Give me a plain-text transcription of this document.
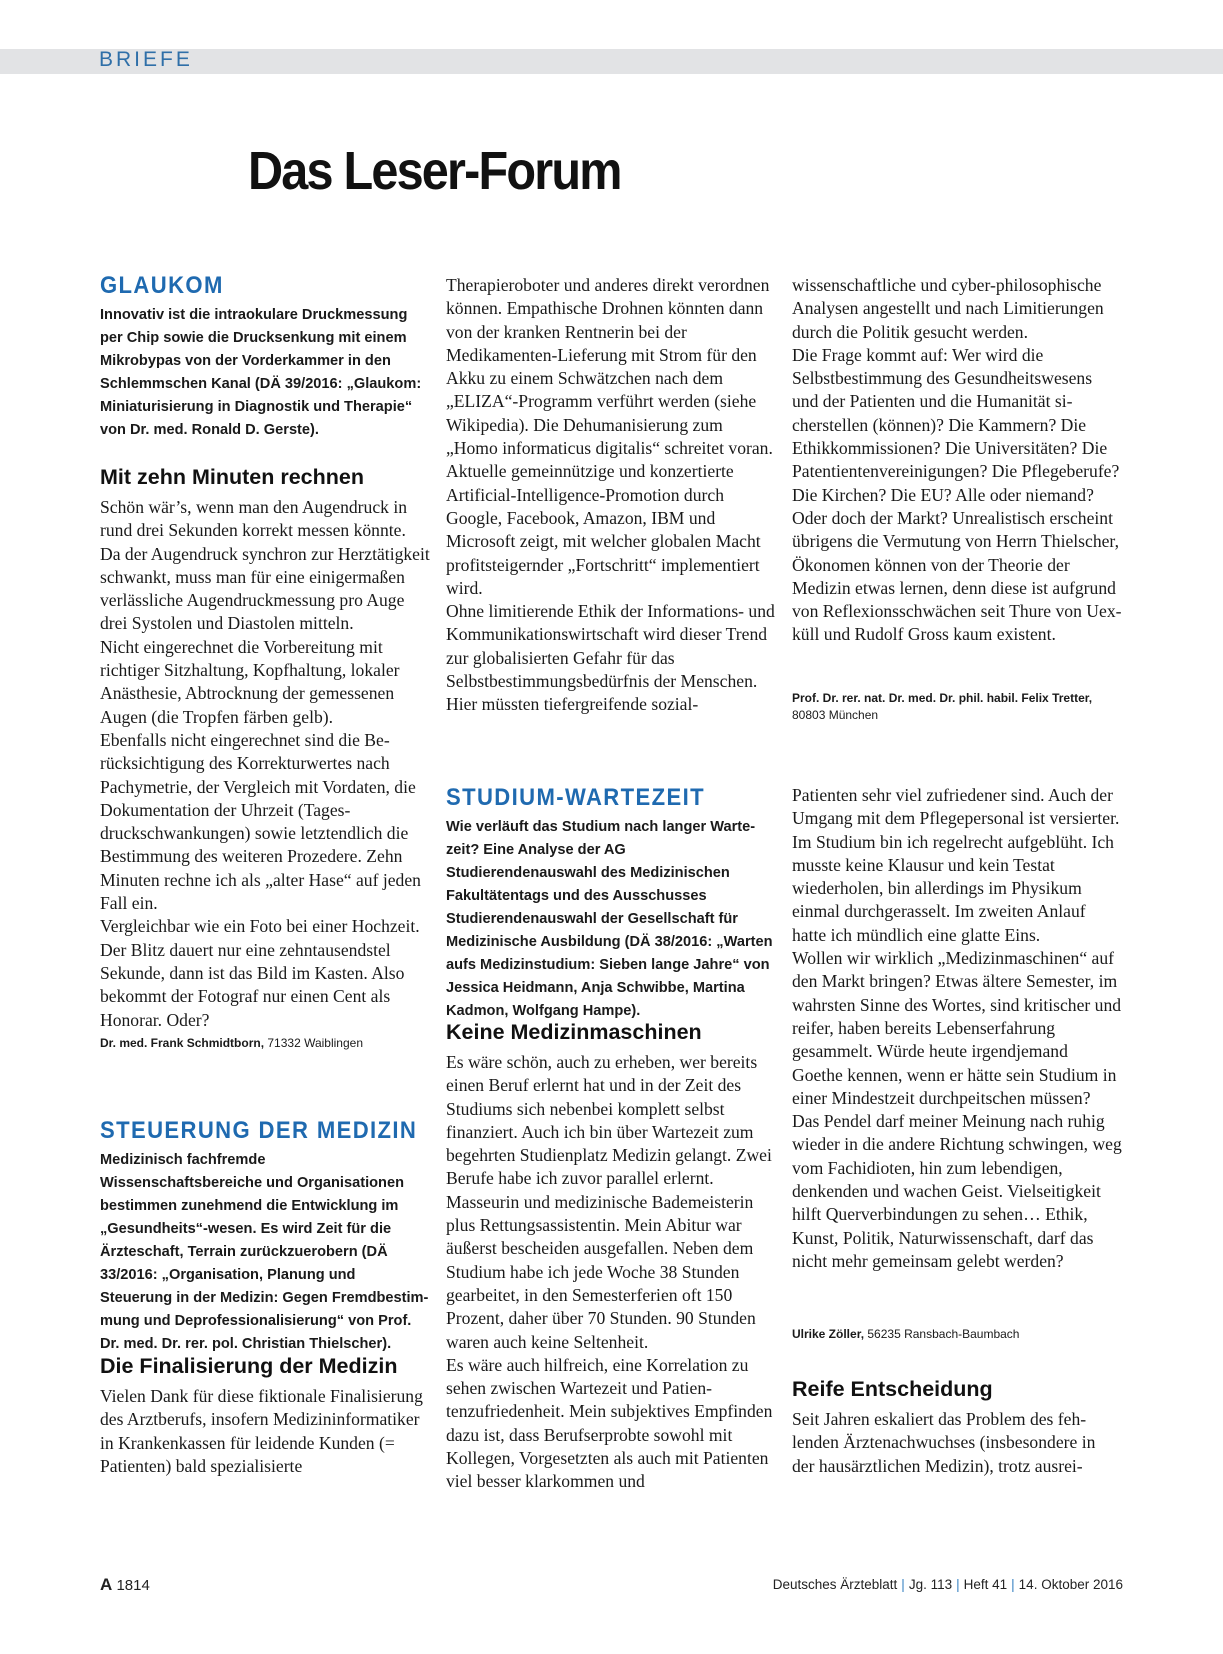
BRIEFE
Das Leser-Forum
GLAUKOM

Innovativ ist die intraokulare Druckmessung per Chip sowie die Drucksenkung mit einem Mikrobypas von der Vorderkammer in den Schlemmschen Kanal (DÄ 39/2016: „Glaukom: Miniaturisierung in Diagnostik und Therapie“ von Dr. med. Ronald D. Gerste).

Mit zehn Minuten rechnen

Schön wär’s, wenn man den Augendruck in rund drei Sekunden korrekt messen könnte. Da der Augendruck synchron zur Herztätigkeit schwankt, muss man für eine einigermaßen verlässliche Augendruckmessung pro Auge drei Systolen und Diastolen mitteln.
Nicht eingerechnet die Vorbereitung mit richtiger Sitzhaltung, Kopfhaltung, lokaler Anästhesie, Abtrocknung der gemessenen Augen (die Tropfen färben gelb).
Ebenfalls nicht eingerechnet sind die Berücksichtigung des Korrekturwertes nach Pachymetrie, der Vergleich mit Vordaten, die Dokumentation der Uhrzeit (Tagesdruckschwankungen) sowie letztendlich die Bestimmung des weiteren Prozedere. Zehn Minuten rechne ich als „alter Hase“ auf jeden Fall ein.
Vergleichbar wie ein Foto bei einer Hochzeit. Der Blitz dauert nur eine zehntausendstel Sekunde, dann ist das Bild im Kasten. Also bekommt der Fotograf nur einen Cent als Honorar. Oder?

Dr. med. Frank Schmidtborn, 71332 Waiblingen

STEUERUNG DER MEDIZIN

Medizinisch fachfremde Wissenschaftsbereiche und Organisationen bestimmen zunehmend die Entwicklung im „Gesundheits“-wesen. Es wird Zeit für die Ärzteschaft, Terrain zurückzuerobern (DÄ 33/2016: „Organisation, Planung und Steuerung in der Medizin: Gegen Fremdbestimmung und Deprofessionalisierung“ von Prof. Dr. med. Dr. rer. pol. Christian Thielscher).

Die Finalisierung der Medizin

Vielen Dank für diese fiktionale Finalisierung des Arztberufs, insofern Medizininformatiker in Krankenkassen für leidende Kunden (= Patienten) bald spezialisierte

Therapieroboter und anderes direkt verordnen können. Empathische Drohnen könnten dann von der kranken Rentnerin bei der Medikamenten-Lieferung mit Strom für den Akku zu einem Schwätzchen nach dem „ELIZA“-Programm verführt werden (siehe Wikipedia). Die Dehumanisierung zum „Homo informaticus digitalis“ schreitet voran. Aktuelle gemeinnützige und konzertierte Artificial-Intelligence-Promotion durch Google, Facebook, Amazon, IBM und Microsoft zeigt, mit welcher globalen Macht profitsteigernder „Fortschritt“ implementiert wird.
Ohne limitierende Ethik der Informations- und Kommunikationswirtschaft wird dieser Trend zur globalisierten Gefahr für das Selbstbestimmungsbedürfnis der Menschen. Hier müssten tiefergreifende sozial-

wissenschaftliche und cyber-philosophische Analysen angestellt und nach Limitierungen durch die Politik gesucht werden.
Die Frage kommt auf: Wer wird die Selbstbestimmung des Gesundheitswesens und der Patienten und die Humanität sicherstellen (können)? Die Kammern? Die Ethikkommissionen? Die Universitäten? Die Patentientenvereinigungen? Die Pflegeberufe? Die Kirchen? Die EU? Alle oder niemand? Oder doch der Markt? Unrealistisch erscheint übrigens die Vermutung von Herrn Thielscher, Ökonomen können von der Theorie der Medizin etwas lernen, denn diese ist aufgrund von Reflexionsschwächen seit Thure von Uexküll und Rudolf Gross kaum existent.

Prof. Dr. rer. nat. Dr. med. Dr. phil. habil. Felix Tretter,
80803 München

STUDIUM-WARTEZEIT

Wie verläuft das Studium nach langer Wartezeit? Eine Analyse der AG Studierendenauswahl des Medizinischen Fakultätentags und des Ausschusses Studierendenauswahl der Gesellschaft für Medizinische Ausbildung (DÄ 38/2016: „Warten aufs Medizinstudium: Sieben lange Jahre“ von Jessica Heidmann, Anja Schwibbe, Martina Kadmon, Wolfgang Hampe).

Keine Medizinmaschinen

Es wäre schön, auch zu erheben, wer bereits einen Beruf erlernt hat und in der Zeit des Studiums sich nebenbei komplett selbst finanziert. Auch ich bin über Wartezeit zum begehrten Studienplatz Medizin gelangt. Zwei Berufe habe ich zuvor parallel erlernt. Masseurin und medizinische Bademeisterin plus Rettungsassistentin. Mein Abitur war äußerst bescheiden ausgefallen. Neben dem Studium habe ich jede Woche 38 Stunden gearbeitet, in den Semesterferien oft 150 Prozent, daher über 70 Stunden. 90 Stunden waren auch keine Seltenheit.
Es wäre auch hilfreich, eine Korrelation zu sehen zwischen Wartezeit und Patientenzufriedenheit. Mein subjektives Empfinden dazu ist, dass Berufserprobte sowohl mit Kollegen, Vorgesetzten als auch mit Patienten viel besser klarkommen und

Patienten sehr viel zufriedener sind. Auch der Umgang mit dem Pflegepersonal ist versierter.
Im Studium bin ich regelrecht aufgeblüht. Ich musste keine Klausur und kein Testat wiederholen, bin allerdings im Physikum einmal durchgerasselt. Im zweiten Anlauf hatte ich mündlich eine glatte Eins.
Wollen wir wirklich „Medizinmaschinen“ auf den Markt bringen? Etwas ältere Semester, im wahrsten Sinne des Wortes, sind kritischer und reifer, haben bereits Lebenserfahrung gesammelt. Würde heute irgendjemand Goethe kennen, wenn er hätte sein Studium in einer Mindestzeit durchpeitschen müssen?
Das Pendel darf meiner Meinung nach ruhig wieder in die andere Richtung schwingen, weg vom Fachidioten, hin zum lebendigen, denkenden und wachen Geist. Vielseitigkeit hilft Querverbindungen zu sehen… Ethik, Kunst, Politik, Naturwissenschaft, darf das nicht mehr gemeinsam gelebt werden?

Ulrike Zöller, 56235 Ransbach-Baumbach

Reife Entscheidung

Seit Jahren eskaliert das Problem des fehlenden Ärztenachwuchses (insbesondere in der hausärztlichen Medizin), trotz ausrei-

A 1814	Deutsches Ärzteblatt | Jg. 113 | Heft 41 | 14. Oktober 2016
